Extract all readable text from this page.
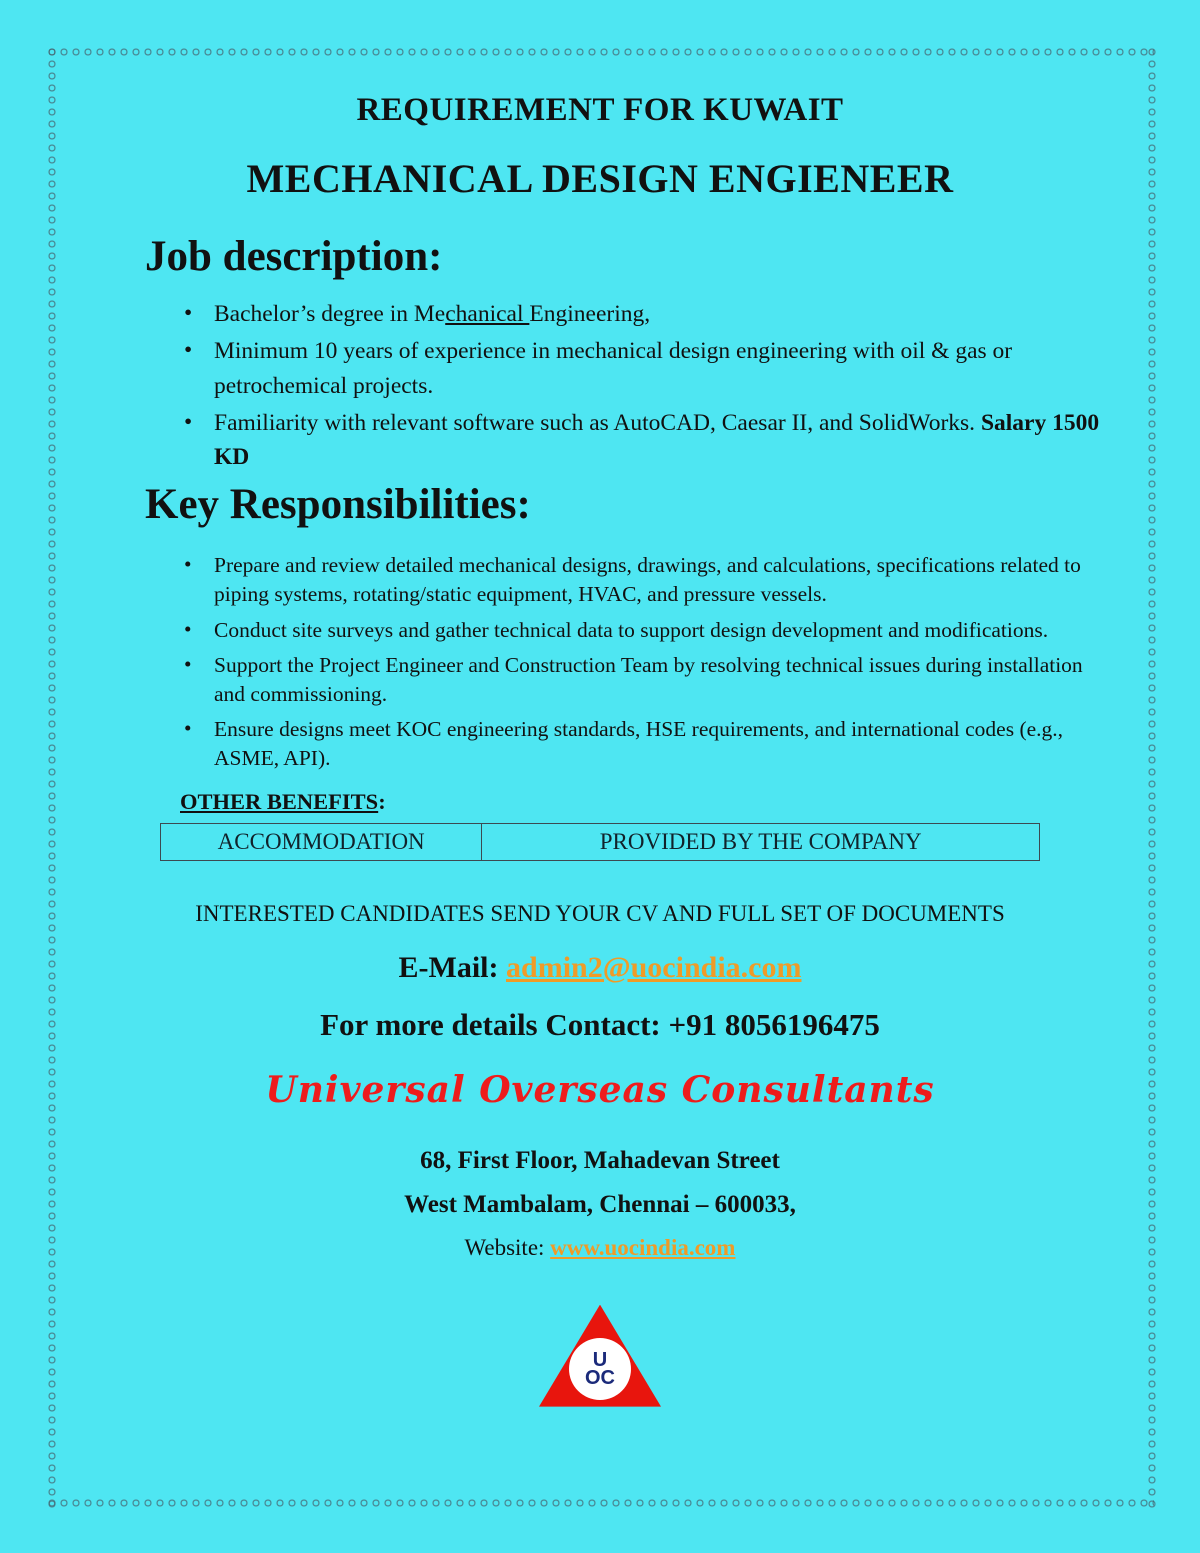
REQUIREMENT FOR KUWAIT
MECHANICAL DESIGN ENGIENEER
Job description:
• Bachelor’s degree in Mechanical Engineering,
• Minimum 10 years of experience in mechanical design engineering with oil & gas or petrochemical projects.
• Familiarity with relevant software such as AutoCAD, Caesar II, and SolidWorks. Salary 1500 KD
Key Responsibilities:
• Prepare and review detailed mechanical designs, drawings, and calculations, specifications related to piping systems, rotating/static equipment, HVAC, and pressure vessels.
• Conduct site surveys and gather technical data to support design development and modifications.
• Support the Project Engineer and Construction Team by resolving technical issues during installation and commissioning.
• Ensure designs meet KOC engineering standards, HSE requirements, and international codes (e.g., ASME, API).
OTHER BENEFITS:
ACCOMMODATION	PROVIDED BY THE COMPANY

INTERESTED CANDIDATES SEND YOUR CV AND FULL SET OF DOCUMENTS

E-Mail: admin2@uocindia.com

For more details Contact: +91 8056196475

Universal Overseas Consultants

68, First Floor, Mahadevan Street

West Mambalam, Chennai – 600033,

Website: www.uocindia.com

U
OC
